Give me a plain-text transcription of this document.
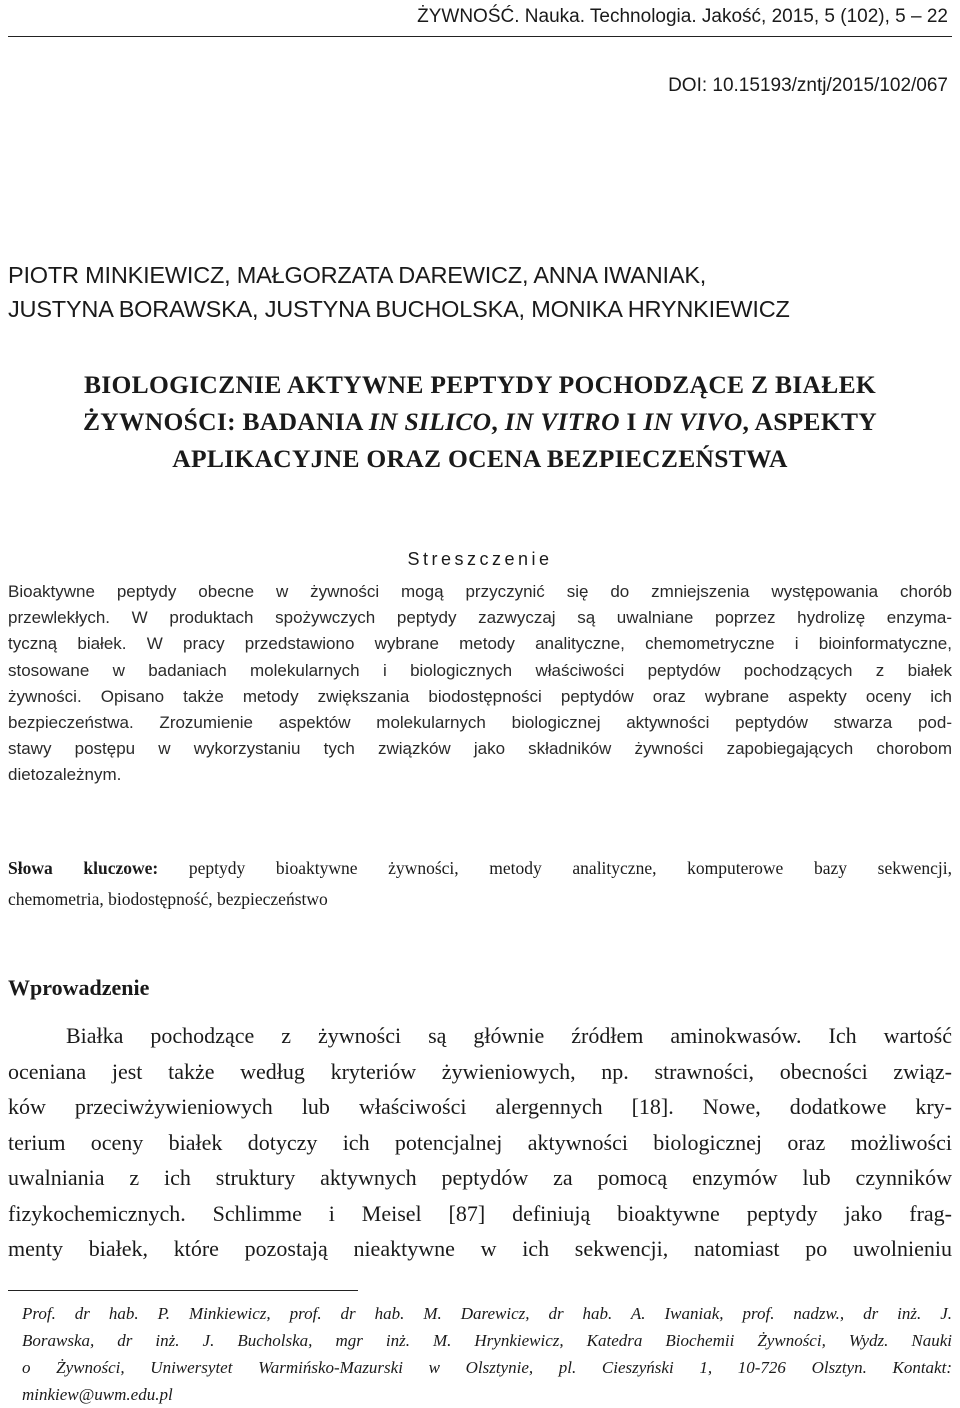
ŻYWNOŚĆ. Nauka. Technologia. Jakość, 2015, 5 (102), 5 – 22
DOI: 10.15193/zntj/2015/102/067
PIOTR MINKIEWICZ, MAŁGORZATA DAREWICZ, ANNA IWANIAK,
JUSTYNA BORAWSKA, JUSTYNA BUCHOLSKA, MONIKA HRYNKIEWICZ
BIOLOGICZNIE AKTYWNE PEPTYDY POCHODZĄCE Z BIAŁEK
ŻYWNOŚCI: BADANIA IN SILICO, IN VITRO I IN VIVO, ASPEKTY
APLIKACYJNE ORAZ OCENA BEZPIECZEŃSTWA
Streszczenie
Bioaktywne peptydy obecne w żywności mogą przyczynić się do zmniejszenia występowania chorób
przewlekłych. W produktach spożywczych peptydy zazwyczaj są uwalniane poprzez hydrolizę enzyma-
tyczną białek. W pracy przedstawiono wybrane metody analityczne, chemometryczne i bioinformatyczne,
stosowane w badaniach molekularnych i biologicznych właściwości peptydów pochodzących z białek
żywności. Opisano także metody zwiększania biodostępności peptydów oraz wybrane aspekty oceny ich
bezpieczeństwa. Zrozumienie aspektów molekularnych biologicznej aktywności peptydów stwarza pod-
stawy postępu w wykorzystaniu tych związków jako składników żywności zapobiegających chorobom
dietozależnym.
Słowa kluczowe: peptydy bioaktywne żywności, metody analityczne, komputerowe bazy sekwencji,
chemometria, biodostępność, bezpieczeństwo
Wprowadzenie
Białka pochodzące z żywności są głównie źródłem aminokwasów. Ich wartość
oceniana jest także według kryteriów żywieniowych, np. strawności, obecności związ-
ków przeciwżywieniowych lub właściwości alergennych [18]. Nowe, dodatkowe kry-
terium oceny białek dotyczy ich potencjalnej aktywności biologicznej oraz możliwości
uwalniania z ich struktury aktywnych peptydów za pomocą enzymów lub czynników
fizykochemicznych. Schlimme i Meisel [87] definiują bioaktywne peptydy jako frag-
menty białek, które pozostają nieaktywne w ich sekwencji, natomiast po uwolnieniu
Prof. dr hab. P. Minkiewicz, prof. dr hab. M. Darewicz, dr hab. A. Iwaniak, prof. nadzw., dr inż. J.
Borawska, dr inż. J. Bucholska, mgr inż. M. Hrynkiewicz, Katedra Biochemii Żywności, Wydz. Nauki
o Żywności, Uniwersytet Warmińsko-Mazurski w Olsztynie, pl. Cieszyński 1, 10-726 Olsztyn. Kontakt:
minkiew@uwm.edu.pl
